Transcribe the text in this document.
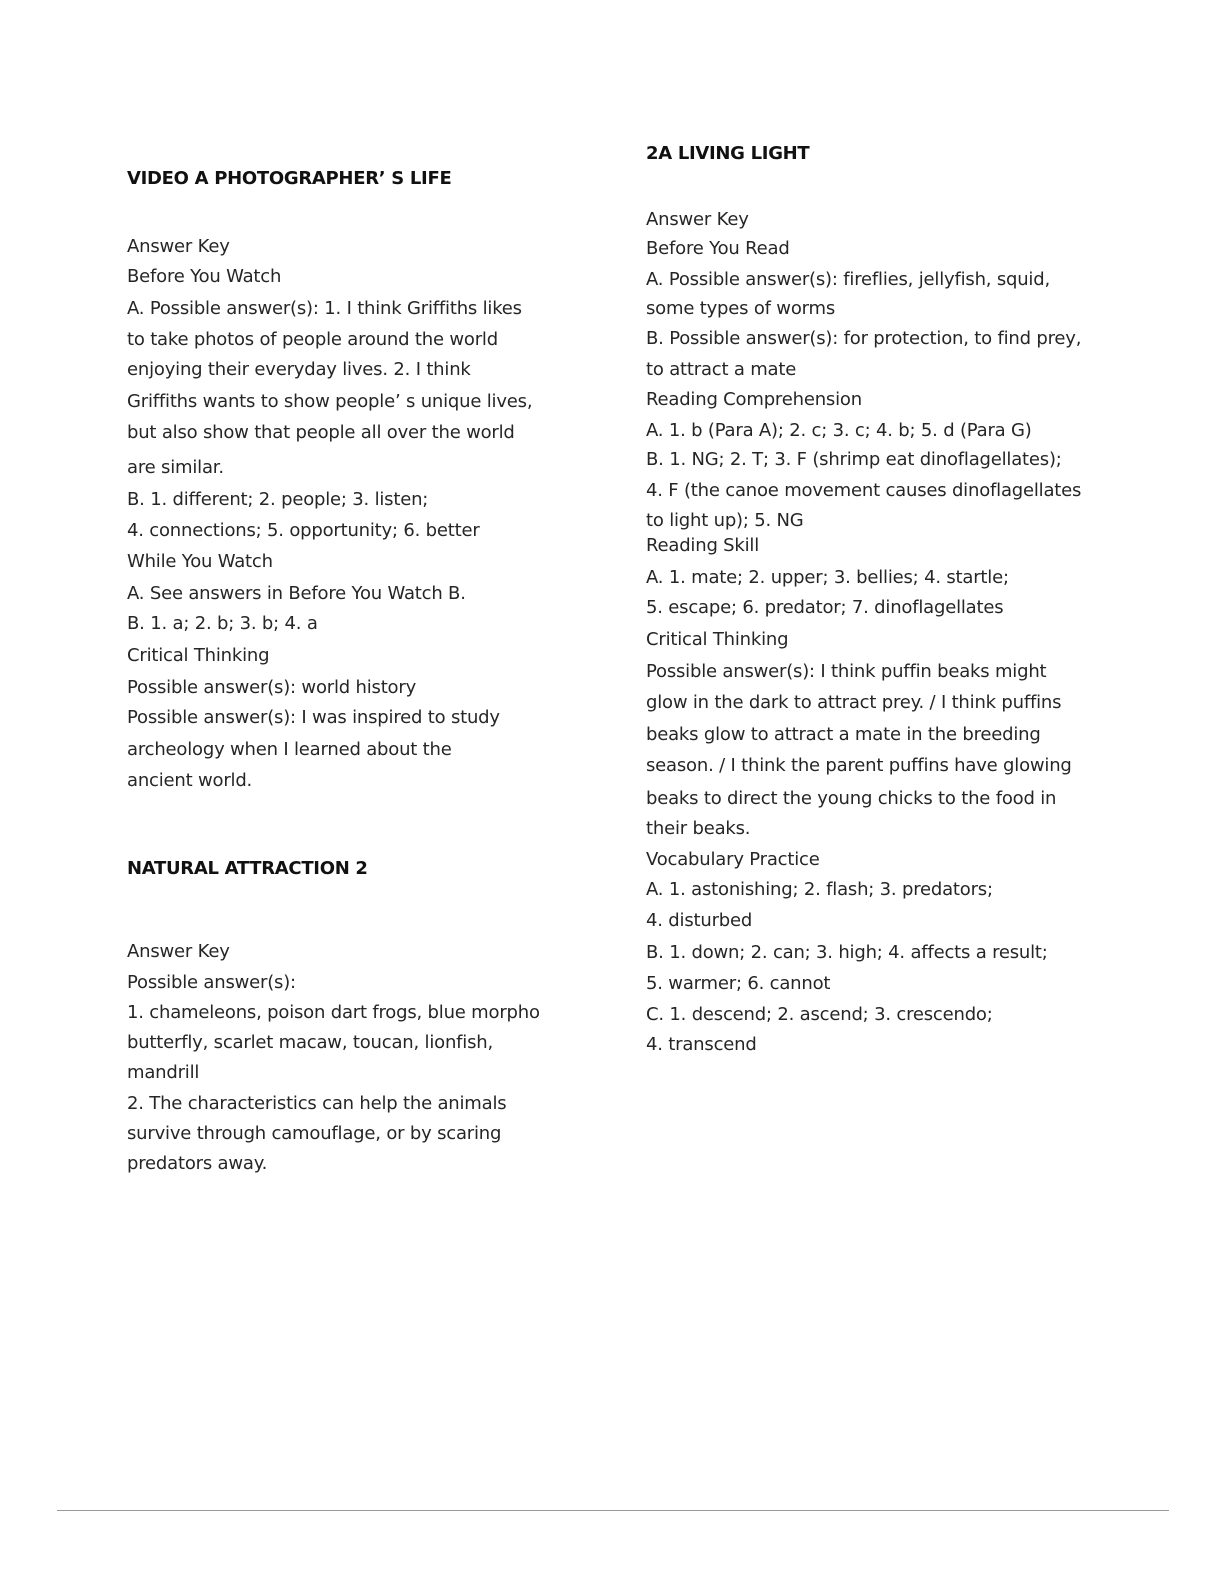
VIDEO A PHOTOGRAPHER’ S LIFE
Answer Key
Before You Watch
A. Possible answer(s): 1. I think Griffiths likes
to take photos of people around the world
enjoying their everyday lives. 2. I think
Griffiths wants to show people’ s unique lives,
but also show that people all over the world
are similar.
B. 1. different; 2. people; 3. listen;
4. connections; 5. opportunity; 6. better
While You Watch
A. See answers in Before You Watch B.
B. 1. a; 2. b; 3. b; 4. a
Critical Thinking
Possible answer(s): world history
Possible answer(s): I was inspired to study
archeology when I learned about the
ancient world.
NATURAL ATTRACTION 2
Answer Key
Possible answer(s):
1. chameleons, poison dart frogs, blue morpho
butterfly, scarlet macaw, toucan, lionfish,
mandrill
2. The characteristics can help the animals
survive through camouflage, or by scaring
predators away.
2A LIVING LIGHT
Answer Key
Before You Read
A. Possible answer(s): fireflies, jellyfish, squid,
some types of worms
B. Possible answer(s): for protection, to find prey,
to attract a mate
Reading Comprehension
A. 1. b (Para A); 2. c; 3. c; 4. b; 5. d (Para G)
B. 1. NG; 2. T; 3. F (shrimp eat dinoflagellates);
4. F (the canoe movement causes dinoflagellates
to light up); 5. NG
Reading Skill
A. 1. mate; 2. upper; 3. bellies; 4. startle;
5. escape; 6. predator; 7. dinoflagellates
Critical Thinking
Possible answer(s): I think puffin beaks might
glow in the dark to attract prey. / I think puffins
beaks glow to attract a mate in the breeding
season. / I think the parent puffins have glowing
beaks to direct the young chicks to the food in
their beaks.
Vocabulary Practice
A. 1. astonishing; 2. flash; 3. predators;
4. disturbed
B. 1. down; 2. can; 3. high; 4. affects a result;
5. warmer; 6. cannot
C. 1. descend; 2. ascend; 3. crescendo;
4. transcend
